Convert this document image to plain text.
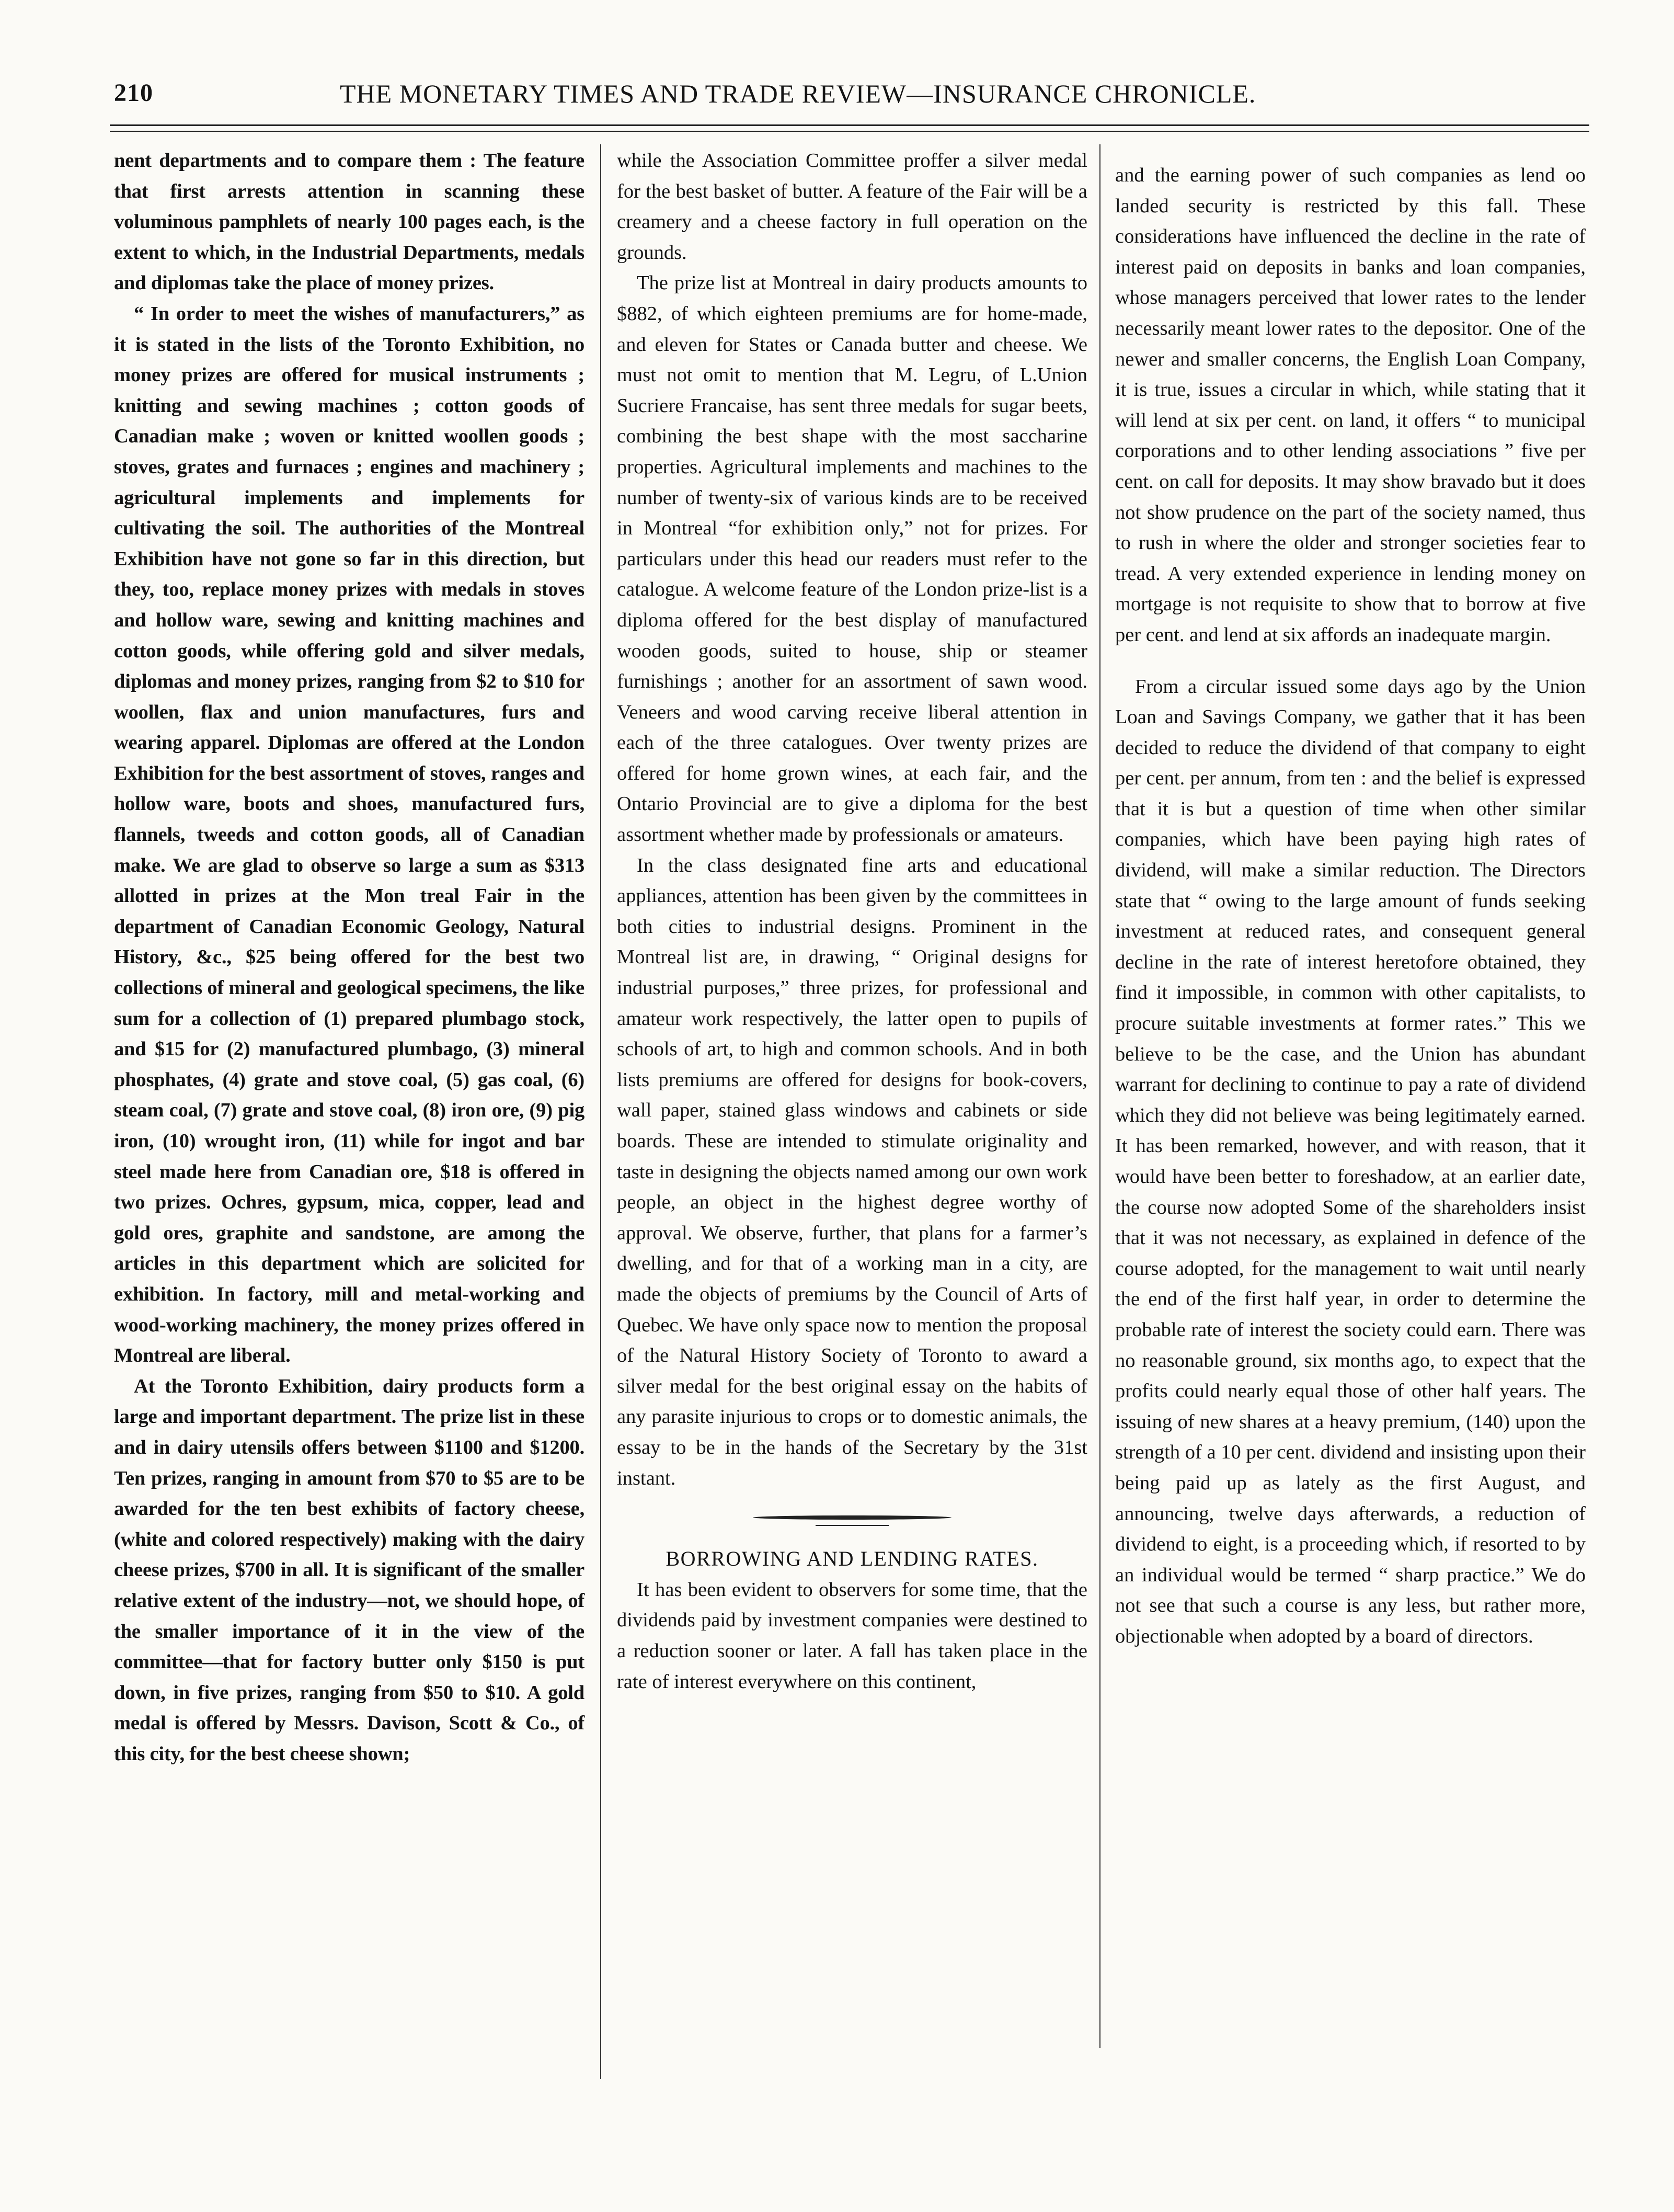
210	THE MONETARY TIMES AND TRADE REVIEW—INSURANCE CHRONICLE.

nent departments and to compare them : The feature that first arrests attention in scanning these voluminous pamphlets of nearly 100 pages each, is the extent to which, in the Industrial Departments, medals and diplomas take the place of money prizes.

“ In order to meet the wishes of manufacturers,” as it is stated in the lists of the Toronto Exhibition, no money prizes are offered for musical instruments ; knitting and sewing machines ; cotton goods of Canadian make ; woven or knitted woollen goods ; stoves, grates and furnaces ; engines and machinery ; agricultural implements and implements for cultivating the soil. The authorities of the Montreal Exhibition have not gone so far in this direction, but they, too, replace money prizes with medals in stoves and hollow ware, sewing and knitting machines and cotton goods, while offering gold and silver medals, diplomas and money prizes, ranging from $2 to $10 for woollen, flax and union manufactures, furs and wearing apparel. Diplomas are offered at the London Exhibition for the best assortment of stoves, ranges and hollow ware, boots and shoes, manufactured furs, flannels, tweeds and cotton goods, all of Canadian make. We are glad to observe so large a sum as $313 allotted in prizes at the Mon treal Fair in the department of Canadian Economic Geology, Natural History, &c., $25 being offered for the best two collections of mineral and geological specimens, the like sum for a collection of (1) prepared plumbago stock, and $15 for (2) manufactured plumbago, (3) mineral phosphates, (4) grate and stove coal, (5) gas coal, (6) steam coal, (7) grate and stove coal, (8) iron ore, (9) pig iron, (10) wrought iron, (11) while for ingot and bar steel made here from Canadian ore, $18 is offered in two prizes. Ochres, gypsum, mica, copper, lead and gold ores, graphite and sandstone, are among the articles in this department which are solicited for exhibition. In factory, mill and metal-working and wood-working machinery, the money prizes offered in Montreal are liberal.

At the Toronto Exhibition, dairy products form a large and important department. The prize list in these and in dairy utensils offers between $1100 and $1200. Ten prizes, ranging in amount from $70 to $5 are to be awarded for the ten best exhibits of factory cheese, (white and colored respectively) making with the dairy cheese prizes, $700 in all. It is significant of the smaller relative extent of the industry—not, we should hope, of the smaller importance of it in the view of the committee—that for factory butter only $150 is put down, in five prizes, ranging from $50 to $10. A gold medal is offered by Messrs. Davison, Scott & Co., of this city, for the best cheese shown;

while the Association Committee proffer a silver medal for the best basket of butter. A feature of the Fair will be a creamery and a cheese factory in full operation on the grounds.

The prize list at Montreal in dairy products amounts to $882, of which eighteen premiums are for home-made, and eleven for States or Canada butter and cheese. We must not omit to mention that M. Legru, of L.Union Sucriere Francaise, has sent three medals for sugar beets, combining the best shape with the most saccharine properties. Agricultural implements and machines to the number of twenty-six of various kinds are to be received in Montreal “for exhibition only,” not for prizes. For particulars under this head our readers must refer to the catalogue. A welcome feature of the London prize-list is a diploma offered for the best display of manufactured wooden goods, suited to house, ship or steamer furnishings ; another for an assortment of sawn wood. Veneers and wood carving receive liberal attention in each of the three catalogues. Over twenty prizes are offered for home grown wines, at each fair, and the Ontario Provincial are to give a diploma for the best assortment whether made by professionals or amateurs.

In the class designated fine arts and educational appliances, attention has been given by the committees in both cities to industrial designs. Prominent in the Montreal list are, in drawing, “ Original designs for industrial purposes,” three prizes, for professional and amateur work respectively, the latter open to pupils of schools of art, to high and common schools. And in both lists premiums are offered for designs for book-covers, wall paper, stained glass windows and cabinets or side boards. These are intended to stimulate originality and taste in designing the objects named among our own work people, an object in the highest degree worthy of approval. We observe, further, that plans for a farmer’s dwelling, and for that of a working man in a city, are made the objects of premiums by the Council of Arts of Quebec. We have only space now to mention the proposal of the Natural History Society of Toronto to award a silver medal for the best original essay on the habits of any parasite injurious to crops or to domestic animals, the essay to be in the hands of the Secretary by the 31st instant.

BORROWING AND LENDING RATES.

It has been evident to observers for some time, that the dividends paid by investment companies were destined to a reduction sooner or later. A fall has taken place in the rate of interest everywhere on this continent,

and the earning power of such companies as lend oo landed security is restricted by this fall. These considerations have influenced the decline in the rate of interest paid on deposits in banks and loan companies, whose managers perceived that lower rates to the lender necessarily meant lower rates to the depositor. One of the newer and smaller concerns, the English Loan Company, it is true, issues a circular in which, while stating that it will lend at six per cent. on land, it offers “ to municipal corporations and to other lending associations ” five per cent. on call for deposits. It may show bravado but it does not show prudence on the part of the society named, thus to rush in where the older and stronger societies fear to tread. A very extended experience in lending money on mortgage is not requisite to show that to borrow at five per cent. and lend at six affords an inadequate margin.

From a circular issued some days ago by the Union Loan and Savings Company, we gather that it has been decided to reduce the dividend of that company to eight per cent. per annum, from ten : and the belief is expressed that it is but a question of time when other similar companies, which have been paying high rates of dividend, will make a similar reduction. The Directors state that “ owing to the large amount of funds seeking investment at reduced rates, and consequent general decline in the rate of interest heretofore obtained, they find it impossible, in common with other capitalists, to procure suitable investments at former rates.” This we believe to be the case, and the Union has abundant warrant for declining to continue to pay a rate of dividend which they did not believe was being legitimately earned. It has been remarked, however, and with reason, that it would have been better to foreshadow, at an earlier date, the course now adopted Some of the shareholders insist that it was not necessary, as explained in defence of the course adopted, for the management to wait until nearly the end of the first half year, in order to determine the probable rate of interest the society could earn. There was no reasonable ground, six months ago, to expect that the profits could nearly equal those of other half years. The issuing of new shares at a heavy premium, (140) upon the strength of a 10 per cent. dividend and insisting upon their being paid up as lately as the first August, and announcing, twelve days afterwards, a reduction of dividend to eight, is a proceeding which, if resorted to by an individual would be termed “ sharp practice.” We do not see that such a course is any less, but rather more, objectionable when adopted by a board of directors.
